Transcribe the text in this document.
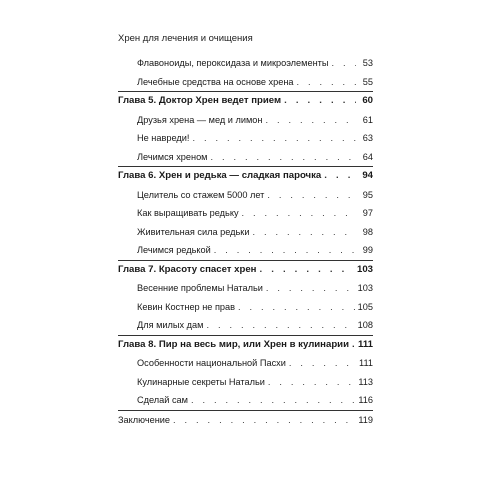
Хрен для лечения и очищения
Флавоноиды, пероксидаза и микроэлементы . . .	53
Лечебные средства на основе хрена . . .	55
Глава 5. Доктор Хрен ведет прием . . .	60
Друзья хрена — мед и лимон . . .	61
Не навреди! . . .	63
Лечимся хреном . . .	64
Глава 6. Хрен и редька — сладкая парочка . . .	94
Целитель со стажем 5000 лет . . .	95
Как выращивать редьку . . .	97
Живительная сила редьки . . .	98
Лечимся редькой . . .	99
Глава 7. Красоту спасет хрен . . .	103
Весенние проблемы Натальи . . .	103
Кевин Костнер не прав . . .	105
Для милых дам . . .	108
Глава 8. Пир на весь мир, или Хрен в кулинарии . . . 111
Особенности национальной Пасхи . . .	111
Кулинарные секреты Натальи . . .	113
Сделай сам . . .	116
Заключение . . .	119
